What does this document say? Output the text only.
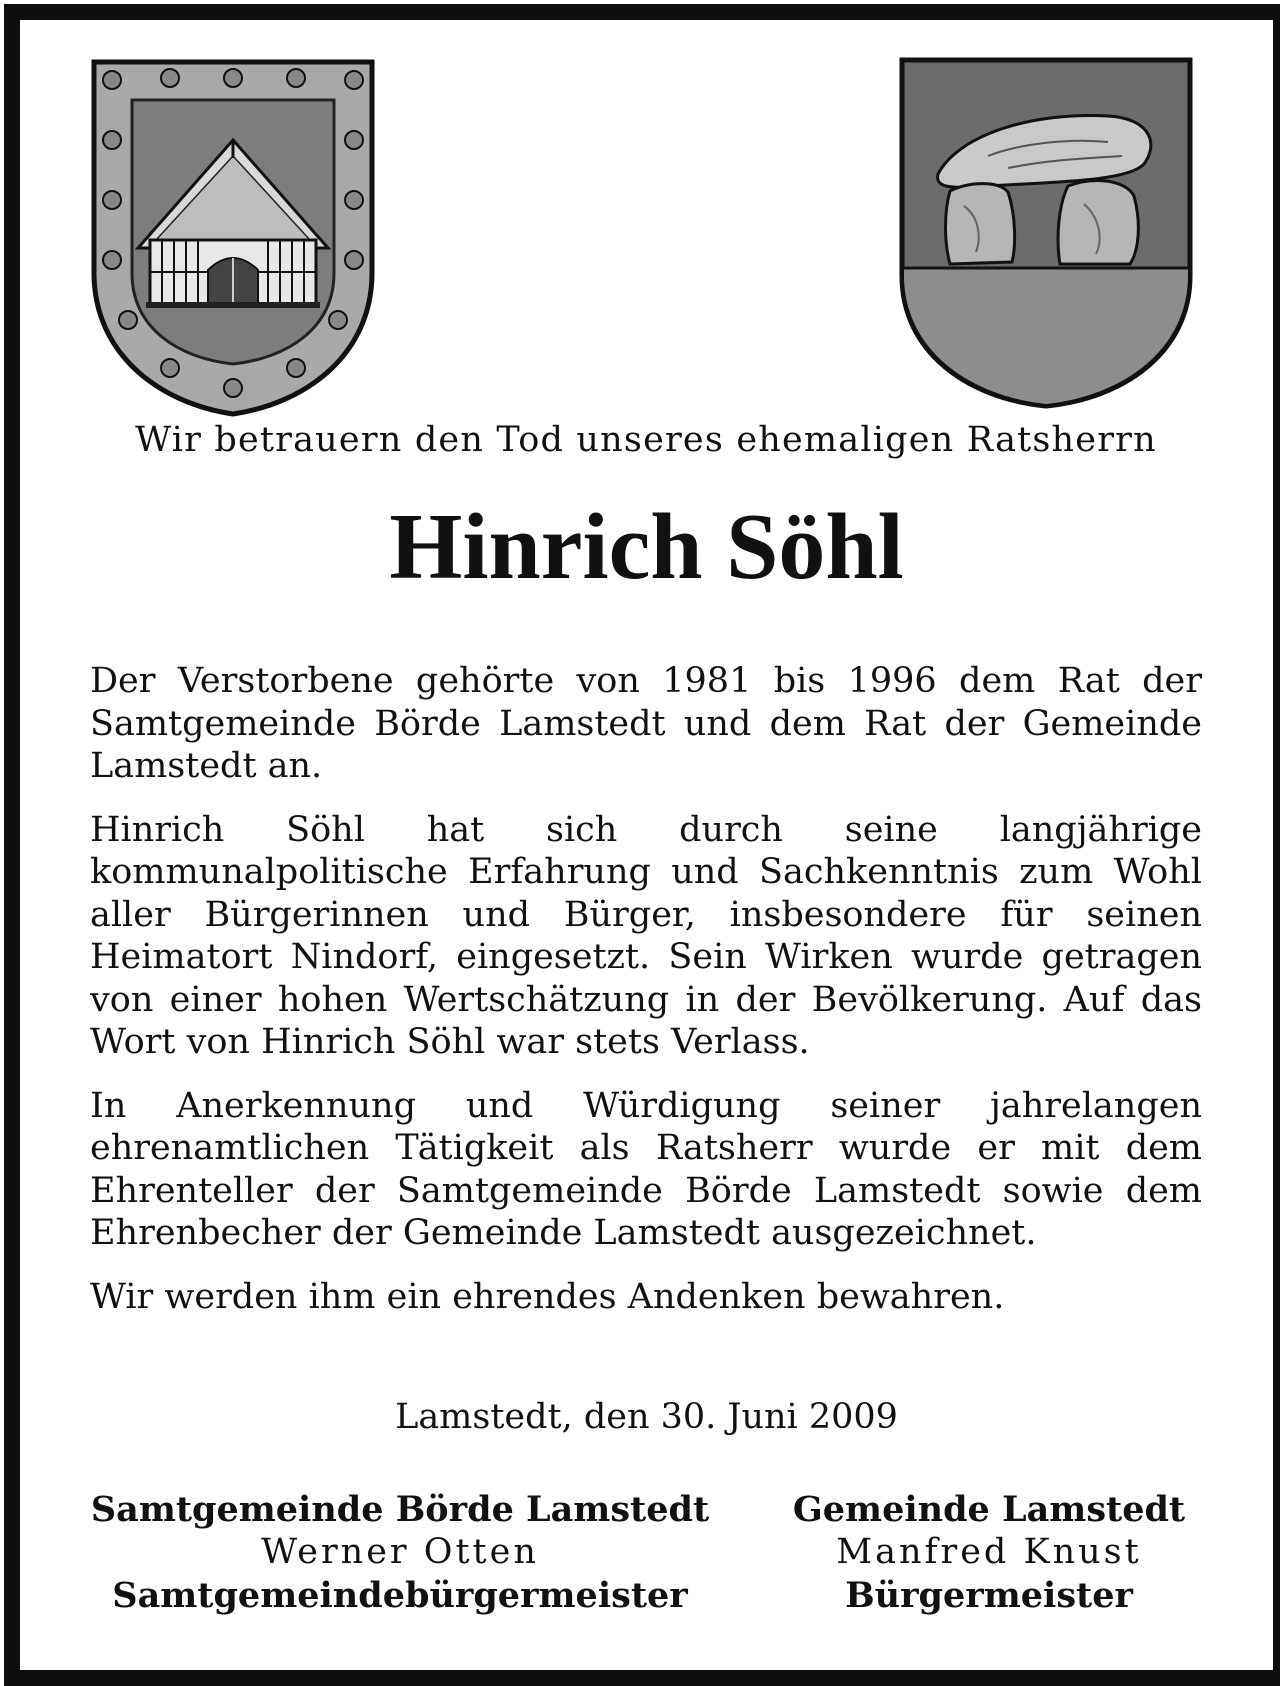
Wir betrauern den Tod unseres ehemaligen Ratsherrn
Hinrich Söhl

Der Verstorbene gehörte von 1981 bis 1996 dem Rat der Samtgemeinde Börde Lamstedt und dem Rat der Gemeinde Lamstedt an.

Hinrich Söhl hat sich durch seine langjährige kommunalpolitische Erfahrung und Sachkenntnis zum Wohl aller Bürgerinnen und Bürger, insbesondere für seinen Heimatort Nindorf, eingesetzt. Sein Wirken wurde getragen von einer hohen Wertschätzung in der Bevölkerung. Auf das Wort von Hinrich Söhl war stets Verlass.

In Anerkennung und Würdigung seiner jahrelangen ehrenamtlichen Tätigkeit als Ratsherr wurde er mit dem Ehrenteller der Samtgemeinde Börde Lamstedt sowie dem Ehrenbecher der Gemeinde Lamstedt ausgezeichnet.

Wir werden ihm ein ehrendes Andenken bewahren.

Lamstedt, den 30. Juni 2009
Samtgemeinde Börde Lamstedt
Werner Otten
Samtgemeindebürgermeister
Gemeinde Lamstedt
Manfred Knust
Bürgermeister
